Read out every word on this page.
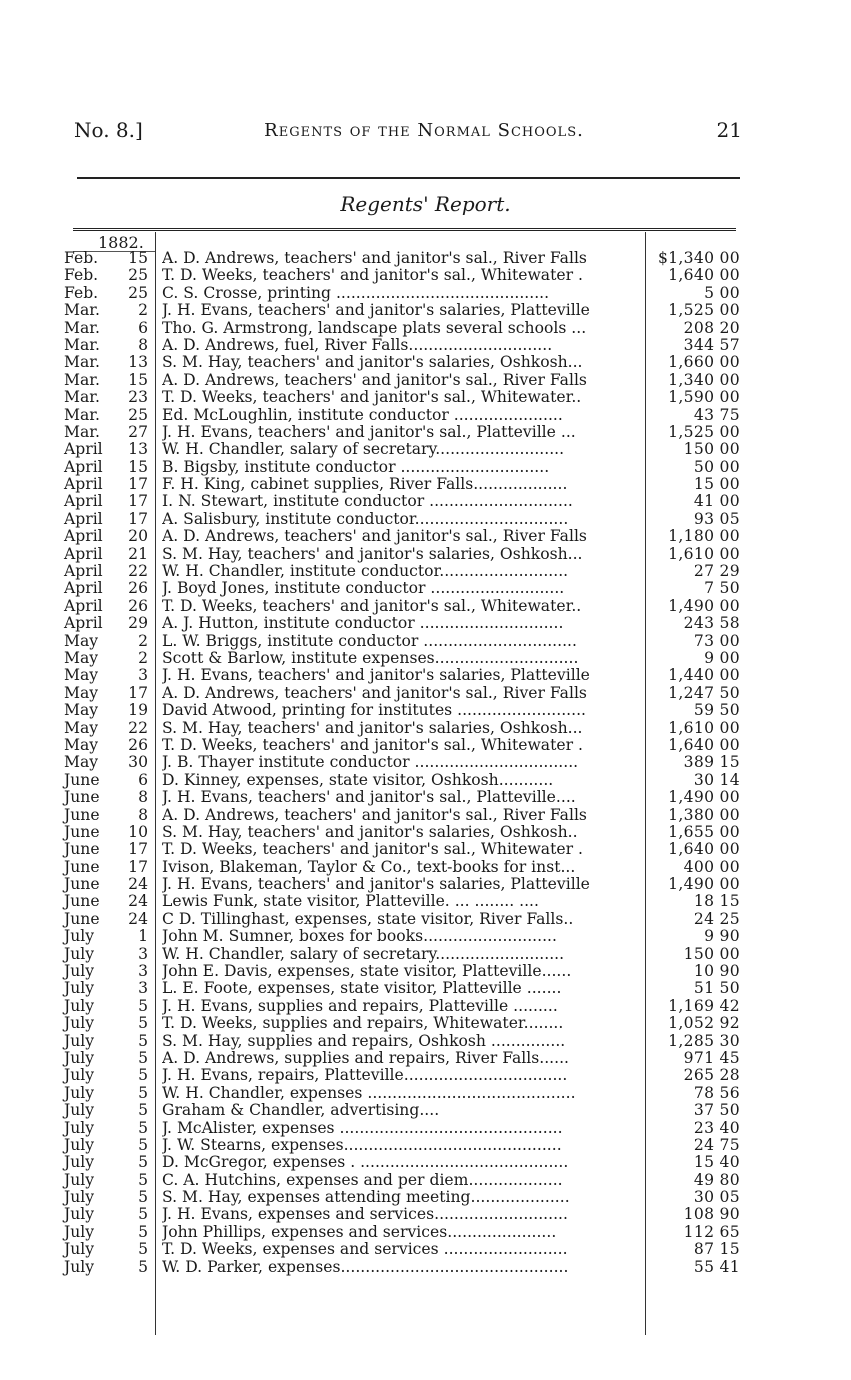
No. 8.]	Regents of the Normal Schools.	21
Regents' Report.
1882.
Feb.	15 A. D. Andrews, teachers' and janitor's sal., River Falls	$1,340 00
Feb.	25 T. D. Weeks, teachers' and janitor's sal., Whitewater .	1,640 00
Feb.	25 C. S. Crosse, printing ...........................................	5 00
Mar.	2 J. H. Evans, teachers' and janitor's salaries, Platteville	1,525 00
Mar.	6 Tho. G. Armstrong, landscape plats several schools ...	208 20
Mar.	8 A. D. Andrews, fuel, River Falls.............................	344 57
Mar.	13 S. M. Hay, teachers' and janitor's salaries, Oshkosh...	1,660 00
Mar.	15 A. D. Andrews, teachers' and janitor's sal., River Falls	1,340 00
Mar.	23 T. D. Weeks, teachers' and janitor's sal., Whitewater..	1,590 00
Mar.	25 Ed. McLoughlin, institute conductor ......................	43 75
Mar.	27 J. H. Evans, teachers' and janitor's sal., Platteville ...	1,525 00
April	13 W. H. Chandler, salary of secretary..........................	150 00
April	15 B. Bigsby, institute conductor ..............................	50 00
April	17 F. H. King, cabinet supplies, River Falls...................	15 00
April	17 I. N. Stewart, institute conductor .............................	41 00
April	17 A. Salisbury, institute conductor...............................	93 05
April	20 A. D. Andrews, teachers' and janitor's sal., River Falls	1,180 00
April	21 S. M. Hay, teachers' and janitor's salaries, Oshkosh...	1,610 00
April	22 W. H. Chandler, institute conductor..........................	27 29
April	26 J. Boyd Jones, institute conductor ...........................	7 50
April	26 T. D. Weeks, teachers' and janitor's sal., Whitewater..	1,490 00
April	29 A. J. Hutton, institute conductor .............................	243 58
May	2 L. W. Briggs, institute conductor ...............................	73 00
May	2 Scott & Barlow, institute expenses.............................	9 00
May	3 J. H. Evans, teachers' and janitor's salaries, Platteville	1,440 00
May	17 A. D. Andrews, teachers' and janitor's sal., River Falls	1,247 50
May	19 David Atwood, printing for institutes ..........................	59 50
May	22 S. M. Hay, teachers' and janitor's salaries, Oshkosh...	1,610 00
May	26 T. D. Weeks, teachers' and janitor's sal., Whitewater .	1,640 00
May	30 J. B. Thayer institute conductor .................................	389 15
June	6 D. Kinney, expenses, state visitor, Oshkosh...........	30 14
June	8 J. H. Evans, teachers' and janitor's sal., Platteville....	1,490 00
June	8 A. D. Andrews, teachers' and janitor's sal., River Falls	1,380 00
June	10 S. M. Hay, teachers' and janitor's salaries, Oshkosh..	1,655 00
June	17 T. D. Weeks, teachers' and janitor's sal., Whitewater .	1,640 00
June	17 Ivison, Blakeman, Taylor & Co., text-books for inst...	400 00
June	24 J. H. Evans, teachers' and janitor's salaries, Platteville	1,490 00
June	24 Lewis Funk, state visitor, Platteville. ... ........ ....	18 15
June	24 C D. Tillinghast, expenses, state visitor, River Falls..	24 25
July	1 John M. Sumner, boxes for books...........................	9 90
July	3 W. H. Chandler, salary of secretary..........................	150 00
July	3 John E. Davis, expenses, state visitor, Platteville......	10 90
July	3 L. E. Foote, expenses, state visitor, Platteville .......	51 50
July	5 J. H. Evans, supplies and repairs, Platteville .........	1,169 42
July	5 T. D. Weeks, supplies and repairs, Whitewater........	1,052 92
July	5 S. M. Hay, supplies and repairs, Oshkosh ...............	1,285 30
July	5 A. D. Andrews, supplies and repairs, River Falls......	971 45
July	5 J. H. Evans, repairs, Platteville.................................	265 28
July	5 W. H. Chandler, expenses ..........................................	78 56
July	5 Graham & Chandler, advertising....	37 50
July	5 J. McAlister, expenses .............................................	23 40
July	5 J. W. Stearns, expenses............................................	24 75
July	5 D. McGregor, expenses . ..........................................	15 40
July	5 C. A. Hutchins, expenses and per diem...................	49 80
July	5 S. M. Hay, expenses attending meeting....................	30 05
July	5 J. H. Evans, expenses and services...........................	108 90
July	5 John Phillips, expenses and services......................	112 65
July	5 T. D. Weeks, expenses and services .........................	87 15
July	5 W. D. Parker, expenses..............................................	55 41
